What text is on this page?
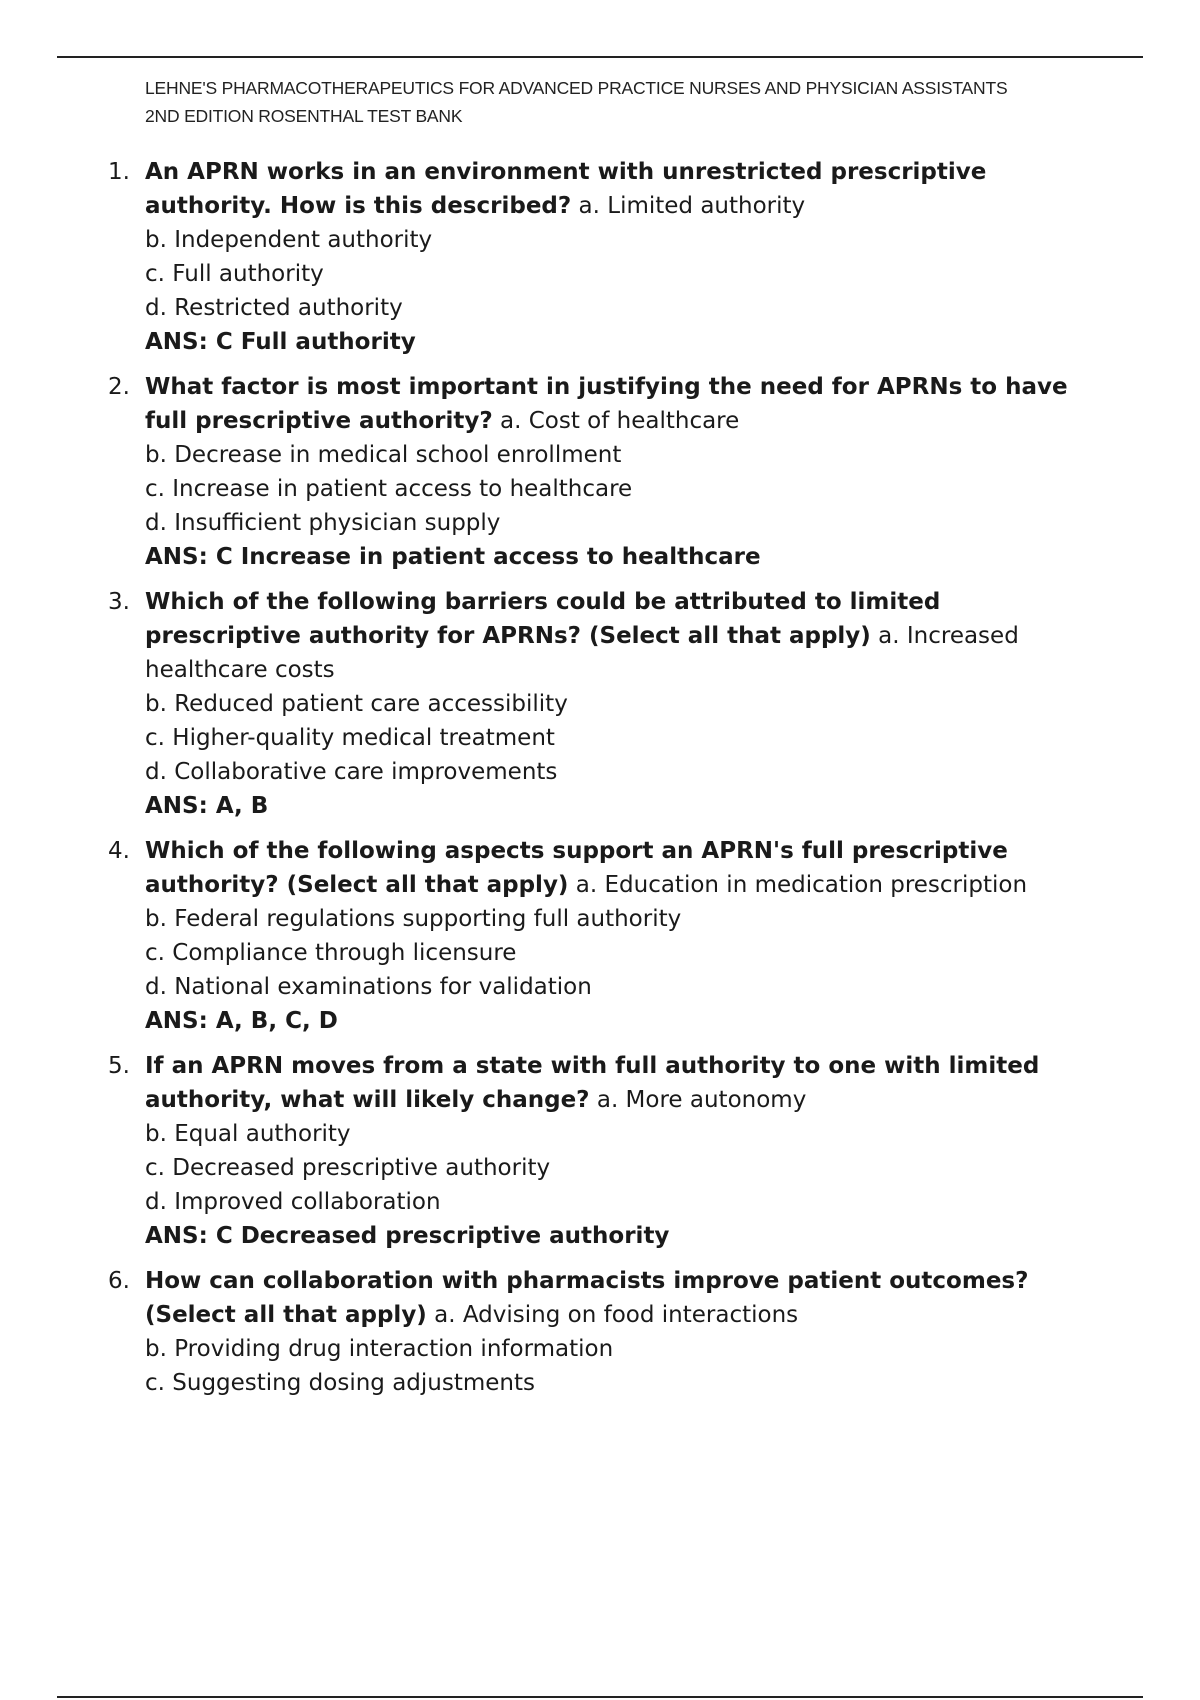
LEHNE'S PHARMACOTHERAPEUTICS FOR ADVANCED PRACTICE NURSES AND PHYSICIAN ASSISTANTS
2ND EDITION ROSENTHAL TEST BANK
1. An APRN works in an environment with unrestricted prescriptive authority. How is this described? a. Limited authority
b. Independent authority
c. Full authority
d. Restricted authority
ANS: C Full authority
2. What factor is most important in justifying the need for APRNs to have full prescriptive authority? a. Cost of healthcare
b. Decrease in medical school enrollment
c. Increase in patient access to healthcare
d. Insufficient physician supply
ANS: C Increase in patient access to healthcare
3. Which of the following barriers could be attributed to limited prescriptive authority for APRNs? (Select all that apply) a. Increased healthcare costs
b. Reduced patient care accessibility
c. Higher-quality medical treatment
d. Collaborative care improvements
ANS: A, B
4. Which of the following aspects support an APRN's full prescriptive authority? (Select all that apply) a. Education in medication prescription
b. Federal regulations supporting full authority
c. Compliance through licensure
d. National examinations for validation
ANS: A, B, C, D
5. If an APRN moves from a state with full authority to one with limited authority, what will likely change? a. More autonomy
b. Equal authority
c. Decreased prescriptive authority
d. Improved collaboration
ANS: C Decreased prescriptive authority
6. How can collaboration with pharmacists improve patient outcomes? (Select all that apply) a. Advising on food interactions
b. Providing drug interaction information
c. Suggesting dosing adjustments
